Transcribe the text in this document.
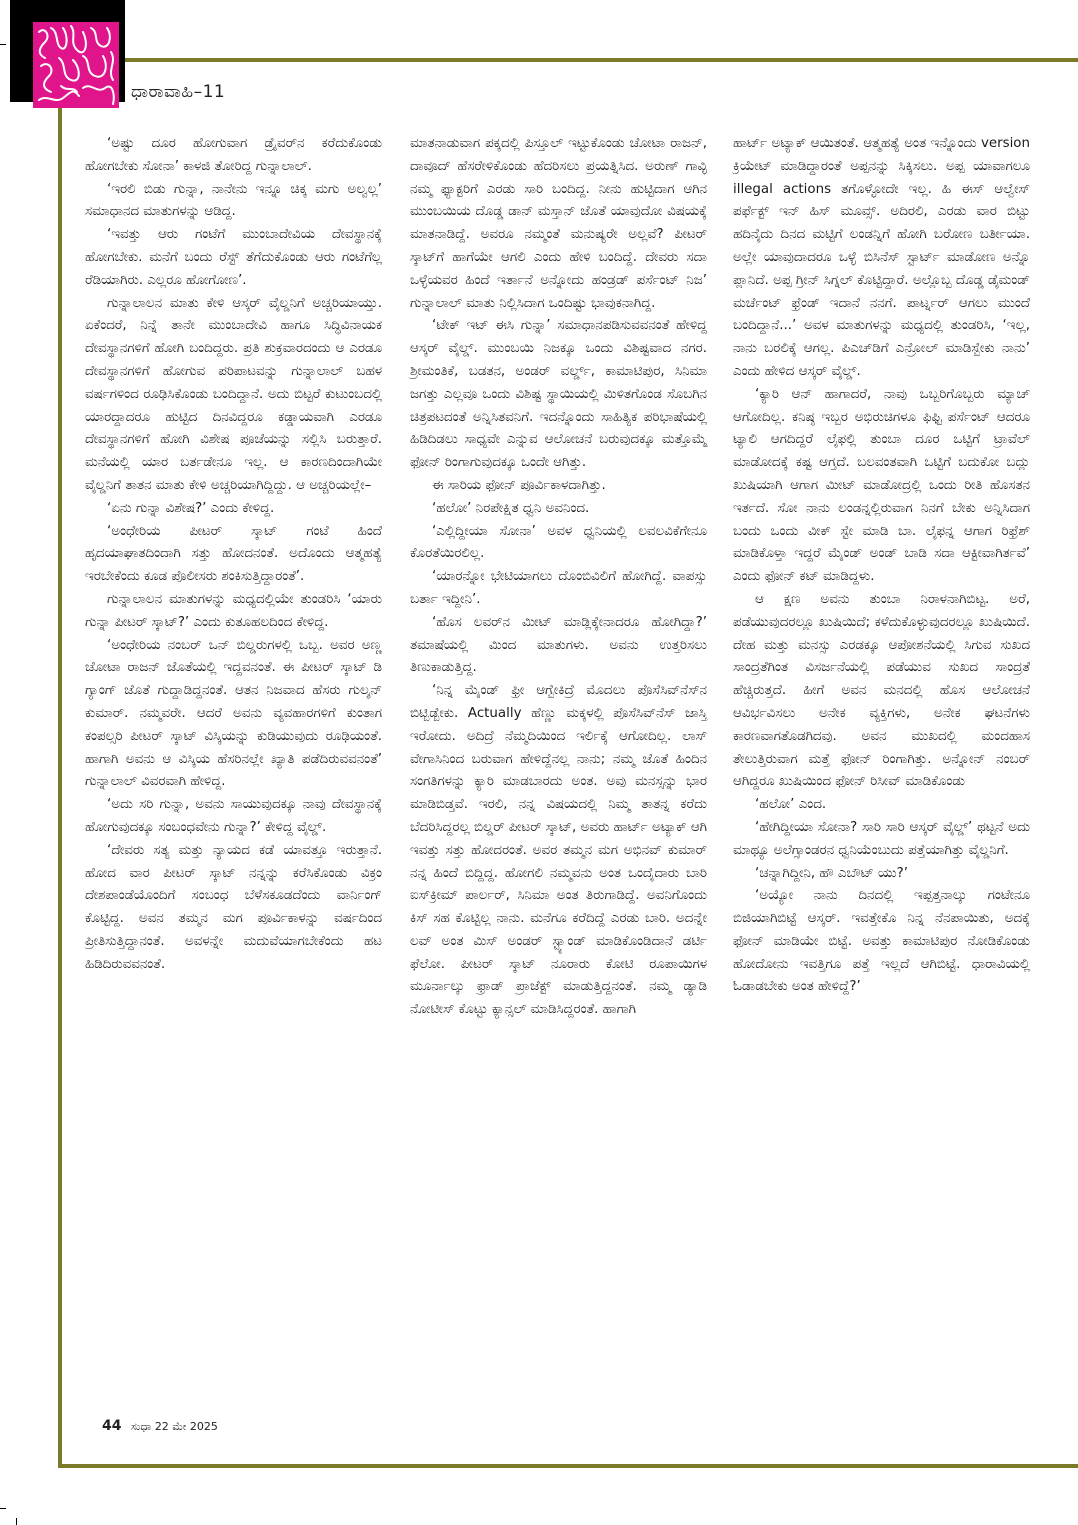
ಧಾರಾವಾಹಿ–11

‘ಅಷ್ಟು ದೂರ ಹೋಗುವಾಗ ಡ್ರೈವರ್‌ನ ಕರೆದುಕೊಂಡು ಹೋಗಬೇಕು ಸೋನಾ’ ಕಾಳಜಿ ತೋರಿದ್ದ ಗುನ್ನಾಲಾಲ್.

‘ಇರಲಿ ಬಿಡು ಗುನ್ನಾ, ನಾನೇನು ಇನ್ನೂ ಚಿಕ್ಕ ಮಗು ಅಲ್ವಲ್ಲ’ ಸಮಾಧಾನದ ಮಾತುಗಳನ್ನು ಆಡಿದ್ದ.

‘ಇವತ್ತು ಆರು ಗಂಟೆಗೆ ಮುಂಬಾದೇವಿಯ ದೇವಸ್ಥಾನಕ್ಕೆ ಹೋಗಬೇಕು. ಮನೆಗೆ ಬಂದು ರೆಸ್ಟ್ ತೆಗೆದುಕೊಂಡು ಆರು ಗಂಟೆಗೆಲ್ಲ ರೆಡಿಯಾಗಿರು. ಎಲ್ಲರೂ ಹೋಗೋಣ’.

ಗುನ್ನಾಲಾಲನ ಮಾತು ಕೇಳಿ ಆಸ್ಕರ್ ವೈಲ್ಡನಿಗೆ ಅಚ್ಚರಿಯಾಯ್ತು. ಏಕೆಂದರೆ, ನಿನ್ನೆ ತಾನೇ ಮುಂಬಾದೇವಿ ಹಾಗೂ ಸಿದ್ಧಿವಿನಾಯಕ ದೇವಸ್ಥಾನಗಳಿಗೆ ಹೋಗಿ ಬಂದಿದ್ದರು. ಪ್ರತಿ ಶುಕ್ರವಾರದಂದು ಆ ಎರಡೂ ದೇವಸ್ಥಾನಗಳಿಗೆ ಹೋಗುವ ಪರಿಪಾಟವನ್ನು ಗುನ್ನಾಲಾಲ್ ಬಹಳ ವರ್ಷಗಳಿಂದ ರೂಢಿಸಿಕೊಂಡು ಬಂದಿದ್ದಾನೆ. ಅದು ಬಿಟ್ಟರೆ ಕುಟುಂಬದಲ್ಲಿ ಯಾರದ್ದಾದರೂ ಹುಟ್ಟಿದ ದಿನವಿದ್ದರೂ ಕಡ್ಡಾಯವಾಗಿ ಎರಡೂ ದೇವಸ್ಥಾನಗಳಿಗೆ ಹೋಗಿ ವಿಶೇಷ ಪೂಜೆಯನ್ನು ಸಲ್ಲಿಸಿ ಬರುತ್ತಾರೆ. ಮನೆಯಲ್ಲಿ ಯಾರ ಬರ್ತಡೇನೂ ಇಲ್ಲ. ಆ ಕಾರಣದಿಂದಾಗಿಯೇ ವೈಲ್ಡನಿಗೆ ತಾತನ ಮಾತು ಕೇಳಿ ಅಚ್ಚರಿಯಾಗಿದ್ದಿದ್ದು. ಆ ಅಚ್ಚರಿಯಲ್ಲೇ–

‘ಏನು ಗುನ್ನಾ ವಿಶೇಷ?’ ಎಂದು ಕೇಳಿದ್ದ.

‘ಅಂಧೇರಿಯ ಪೀಟರ್ ಸ್ಕಾಟ್ ಗಂಟೆ ಹಿಂದೆ ಹೃದಯಾಘಾತದಿಂದಾಗಿ ಸತ್ತು ಹೋದನಂತೆ. ಅದೊಂದು ಆತ್ಮಹತ್ಯೆ ಇರಬೇಕೆಂದು ಕೂಡ ಪೊಲೀಸರು ಶಂಕಿಸುತ್ತಿದ್ದಾರಂತೆ’.

ಗುನ್ನಾಲಾಲನ ಮಾತುಗಳನ್ನು ಮಧ್ಯದಲ್ಲಿಯೇ ತುಂಡರಿಸಿ ‘ಯಾರು ಗುನ್ನಾ ಪೀಟರ್ ಸ್ಕಾಟ್?’ ಎಂದು ಕುತೂಹಲದಿಂದ ಕೇಳಿದ್ದ.

‘ಅಂಧೇರಿಯ ನಂಬರ್ ಒನ್ ಬಿಲ್ಡರುಗಳಲ್ಲಿ ಒಬ್ಬ. ಅವರ ಅಣ್ಣ ಚೋಟಾ ರಾಜನ್ ಜೊತೆಯಲ್ಲಿ ಇದ್ದವನಂತೆ. ಈ ಪೀಟರ್ ಸ್ಕಾಟ್ ಡಿ ಗ್ಯಾಂಗ್ ಜೊತೆ ಗುದ್ದಾಡಿದ್ದನಂತೆ. ಆತನ ನಿಜವಾದ ಹೆಸರು ಗುಲ್ಶನ್ ಕುಮಾರ್. ನಮ್ಮವರೇ. ಆದರೆ ಅವನು ವ್ಯವಹಾರಗಳಿಗೆ ಕುಂತಾಗ ಕಂಪಲ್ಸರಿ ಪೀಟರ್ ಸ್ಕಾಟ್ ವಿಸ್ಕಿಯನ್ನು ಕುಡಿಯುವುದು ರೂಢಿಯಂತೆ. ಹಾಗಾಗಿ ಅವನು ಆ ವಿಸ್ಕಿಯ ಹೆಸರಿನಲ್ಲೇ ಖ್ಯಾತಿ ಪಡೆದಿರುವವನಂತೆ’ ಗುನ್ನಾಲಾಲ್ ವಿವರವಾಗಿ ಹೇಳಿದ್ದ.

‘ಅದು ಸರಿ ಗುನ್ನಾ, ಅವನು ಸಾಯುವುದಕ್ಕೂ ನಾವು ದೇವಸ್ಥಾನಕ್ಕೆ ಹೋಗುವುದಕ್ಕೂ ಸಂಬಂಧವೇನು ಗುನ್ನಾ?’ ಕೇಳಿದ್ದ ವೈಲ್ಡ್.

‘ದೇವರು ಸತ್ಯ ಮತ್ತು ನ್ಯಾಯದ ಕಡೆ ಯಾವತ್ತೂ ಇರುತ್ತಾನೆ. ಹೋದ ವಾರ ಪೀಟರ್ ಸ್ಕಾಟ್ ನನ್ನನ್ನು ಕರೆಸಿಕೊಂಡು ವಿಕ್ರಂ ದೇಶಪಾಂಡೆಯೊಂದಿಗೆ ಸಂಬಂಧ ಬೆಳೆಸಕೂಡದೆಂದು ವಾರ್ನಿಂಗ್ ಕೊಟ್ಟಿದ್ದ. ಅವನ ತಮ್ಮನ ಮಗ ಪೂರ್ವಿಕಾಳನ್ನು ವರ್ಷದಿಂದ ಪ್ರೀತಿಸುತ್ತಿದ್ದಾನಂತೆ. ಅವಳನ್ನೇ ಮದುವೆಯಾಗಬೇಕೆಂದು ಹಟ ಹಿಡಿದಿರುವವನಂತೆ.

ಮಾತನಾಡುವಾಗ ಪಕ್ಕದಲ್ಲಿ ಪಿಸ್ತೂಲ್ ಇಟ್ಟುಕೊಂಡು ಚೋಟಾ ರಾಜನ್, ದಾವೂದ್ ಹೆಸರೇಳಿಕೊಂಡು ಹೆದರಿಸಲು ಪ್ರಯತ್ನಿಸಿದ. ಅರುಣ್ ಗಾವ್ಳಿ ನಮ್ಮ ಫ್ಯಾಕ್ಟರಿಗೆ ಎರಡು ಸಾರಿ ಬಂದಿದ್ದ. ನೀನು ಹುಟ್ಟಿದಾಗ ಆಗಿನ ಮುಂಬಯಿಯ ದೊಡ್ಡ ಡಾನ್ ಮಸ್ತಾನ್ ಜೊತೆ ಯಾವುದೋ ವಿಷಯಕ್ಕೆ ಮಾತನಾಡಿದ್ದೆ. ಅವರೂ ನಮ್ಮಂತೆ ಮನುಷ್ಯರೇ ಅಲ್ಲವೆ? ಪೀಟರ್ ಸ್ಕಾಟ್‌ಗೆ ಹಾಗೆಯೇ ಆಗಲಿ ಎಂದು ಹೇಳಿ ಬಂದಿದ್ದೆ. ದೇವರು ಸದಾ ಒಳ್ಳೆಯವರ ಹಿಂದೆ ಇರ್ತಾನೆ ಅನ್ನೋದು ಹಂಡ್ರಡ್ ಪರ್ಸೆಂಟ್ ನಿಜ’ ಗುನ್ನಾಲಾಲ್ ಮಾತು ನಿಲ್ಲಿಸಿದಾಗ ಒಂದಿಷ್ಟು ಭಾವುಕನಾಗಿದ್ದ.

‘ಟೇಕ್ ಇಟ್ ಈಸಿ ಗುನ್ನಾ’ ಸಮಾಧಾನಪಡಿಸುವವನಂತೆ ಹೇಳಿದ್ದ ಆಸ್ಕರ್ ವೈಲ್ಡ್. ಮುಂಬಯಿ ನಿಜಕ್ಕೂ ಒಂದು ವಿಶಿಷ್ಟವಾದ ನಗರ. ಶ್ರೀಮಂತಿಕೆ, ಬಡತನ, ಅಂಡರ್ ವರ್ಲ್ಡ್, ಕಾಮಾಟಿಪುರ, ಸಿನಿಮಾ ಜಗತ್ತು ಎಲ್ಲವೂ ಒಂದು ವಿಶಿಷ್ಟ ಸ್ಥಾಯಿಯಲ್ಲಿ ಮಿಳಿತಗೊಂಡ ಸೊಬಗಿನ ಚಿತ್ರಪಟದಂತೆ ಅನ್ನಿಸಿತವನಿಗೆ. ಇದನ್ನೊಂದು ಸಾಹಿತ್ಯಿಕ ಪರಿಭಾಷೆಯಲ್ಲಿ ಹಿಡಿದಿಡಲು ಸಾಧ್ಯವೇ ಎನ್ನುವ ಆಲೋಚನೆ ಬರುವುದಕ್ಕೂ ಮತ್ತೊಮ್ಮೆ ಫೋನ್ ರಿಂಗಾಗುವುದಕ್ಕೂ ಒಂದೇ ಆಗಿತ್ತು.

ಈ ಸಾರಿಯ ಫೋನ್ ಪೂರ್ವಿಕಾಳದಾಗಿತ್ತು.

‘ಹಲೋ’ ನಿರಪೇಕ್ಷಿತ ಧ್ವನಿ ಅವನಿಂದ.

‘ಎಲ್ಲಿದ್ದೀಯಾ ಸೋನಾ’ ಅವಳ ಧ್ವನಿಯಲ್ಲಿ ಲವಲವಿಕೆಗೇನೂ ಕೊರತೆಯಿರಲಿಲ್ಲ.

‘ಯಾರನ್ನೋ ಭೇಟಿಯಾಗಲು ದೊಂಬಿವಿಲಿಗೆ ಹೋಗಿದ್ದೆ. ವಾಪಸ್ಸು ಬರ್ತಾ ಇದ್ದೀನಿ’.

‘ಹೊಸ ಲವರ್‌ನ ಮೀಟ್ ಮಾಡ್ಲಿಕ್ಕೇನಾದರೂ ಹೋಗಿದ್ದಾ?’ ತಮಾಷೆಯಲ್ಲಿ ಮಿಂದ ಮಾತುಗಳು. ಅವನು ಉತ್ತರಿಸಲು ತಿಣುಕಾಡುತ್ತಿದ್ದ.

‘ನಿನ್ನ ಮೈಂಡ್ ಫ್ರೀ ಆಗ್ಬೇಕಿದ್ರೆ ಮೊದಲು ಪೊಸೆಸಿವ್‌ನೆಸ್‌ನ ಬಿಟ್ಬಿಡ್ಬೇಕು. Actually ಹೆಣ್ಣು ಮಕ್ಕಳಲ್ಲಿ ಪೊಸೆಸಿವ್‌ನೆಸ್ ಜಾಸ್ತಿ ಇರೋದು. ಅದಿದ್ರೆ ನೆಮ್ಮದಿಯಿಂದ ಇರ್ಲಿಕ್ಕೆ ಆಗೋದಿಲ್ಲ. ಲಾಸ್ ವೇಗಾಸಿನಿಂದ ಬರುವಾಗ ಹೇಳಿದ್ದೆನಲ್ಲ ನಾನು; ನಮ್ಮ ಜೊತೆ ಹಿಂದಿನ ಸಂಗತಿಗಳನ್ನು ಕ್ಯಾರಿ ಮಾಡಬಾರದು ಅಂತ. ಅವು ಮನಸ್ಸನ್ನು ಭಾರ ಮಾಡಿಬಿಡ್ತವೆ. ಇರಲಿ, ನನ್ನ ವಿಷಯದಲ್ಲಿ ನಿಮ್ಮ ತಾತನ್ನ ಕರೆದು ಬೆದರಿಸಿದ್ದರಲ್ಲ ಬಿಲ್ಡರ್ ಪೀಟರ್ ಸ್ಕಾಟ್, ಅವರು ಹಾರ್ಟ್ ಅಟ್ಯಾಕ್ ಆಗಿ ಇವತ್ತು ಸತ್ತು ಹೋದರಂತೆ. ಅವರ ತಮ್ಮನ ಮಗ ಅಭಿನವ್ ಕುಮಾರ್ ನನ್ನ ಹಿಂದೆ ಬಿದ್ದಿದ್ದ. ಹೋಗಲಿ ನಮ್ಮವನು ಅಂತ ಒಂದೈದಾರು ಬಾರಿ ಐಸ್‌ಕ್ರೀಮ್ ಪಾರ್ಲರ್, ಸಿನಿಮಾ ಅಂತ ತಿರುಗಾಡಿದ್ದೆ. ಅವನಿಗೊಂದು ಕಿಸ್ ಸಹ ಕೊಟ್ಟಿಲ್ಲ ನಾನು. ಮನೆಗೂ ಕರೆದಿದ್ದೆ ಎರಡು ಬಾರಿ. ಅದನ್ನೇ ಲವ್ ಅಂತ ಮಿಸ್ ಅಂಡರ್ ಸ್ಟ್ಯಾಂಡ್ ಮಾಡಿಕೊಂಡಿದಾನೆ ಡರ್ಟಿ ಫೆಲೋ. ಪೀಟರ್ ಸ್ಕಾಟ್ ನೂರಾರು ಕೋಟಿ ರೂಪಾಯಿಗಳ ಮೂರ್ನಾಲ್ಕು ಫ್ರಾಡ್ ಪ್ರಾಜೆಕ್ಟ್ ಮಾಡುತ್ತಿದ್ದನಂತೆ. ನಮ್ಮ ಡ್ಯಾಡಿ ನೋಟೀಸ್ ಕೊಟ್ಟು ಕ್ಯಾನ್ಸಲ್ ಮಾಡಿಸಿದ್ದರಂತೆ. ಹಾಗಾಗಿ

ಹಾರ್ಟ್ ಅಟ್ಯಾಕ್ ಆಯಿತಂತೆ. ಆತ್ಮಹತ್ಯೆ ಅಂತ ಇನ್ನೊಂದು version ಕ್ರಿಯೇಟ್ ಮಾಡಿದ್ದಾರಂತೆ ಅಪ್ಪನನ್ನು ಸಿಕ್ಕಿಸಲು. ಅಪ್ಪ ಯಾವಾಗಲೂ illegal actions ತಗೊಳ್ಳೋದೇ ಇಲ್ಲ. ಹಿ ಈಸ್ ಆಲ್ವೇಸ್ ಪರ್ಫೆಕ್ಟ್ ಇನ್ ಹಿಸ್ ಮೂವ್ಸ್. ಅದಿರಲಿ, ಎರಡು ವಾರ ಬಿಟ್ಟು ಹದಿನೈದು ದಿನದ ಮಟ್ಟಿಗೆ ಲಂಡನ್ನಿಗೆ ಹೋಗಿ ಬರೋಣ ಬರ್ತೀಯಾ. ಅಲ್ಲೇ ಯಾವುದಾದರೂ ಒಳ್ಳೆ ಬಿಸಿನೆಸ್ ಸ್ಟಾರ್ಟ್ ಮಾಡೋಣ ಅನ್ನೊ ಪ್ಲಾನಿದೆ. ಅಪ್ಪ ಗ್ರೀನ್ ಸಿಗ್ನಲ್ ಕೊಟ್ಟಿದ್ದಾರೆ. ಅಲ್ಲೊಬ್ಬ ದೊಡ್ಡ ಡೈಮಂಡ್ ಮರ್ಚೆಂಟ್ ಫ್ರೆಂಡ್ ಇದಾನೆ ನನಗೆ. ಪಾರ್ಟ್ನರ್ ಆಗಲು ಮುಂದೆ ಬಂದಿದ್ದಾನೆ...’ ಅವಳ ಮಾತುಗಳನ್ನು ಮಧ್ಯದಲ್ಲಿ ತುಂಡರಿಸಿ, ‘ಇಲ್ಲ, ನಾನು ಬರಲಿಕ್ಕೆ ಆಗಲ್ಲ. ಪಿಎಚ್‌ಡಿಗೆ ಎನ್ರೋಲ್ ಮಾಡಿಸ್ಬೇಕು ನಾನು’ ಎಂದು ಹೇಳಿದ ಆಸ್ಕರ್ ವೈಲ್ಡ್.

‘ಕ್ಯಾರಿ ಆನ್ ಹಾಗಾದರೆ, ನಾವು ಒಬ್ಬರಿಗೊಬ್ಬರು ಮ್ಯಾಚ್ ಆಗೋದಿಲ್ಲ. ಕನಿಷ್ಠ ಇಬ್ಬರ ಅಭಿರುಚಿಗಳೂ ಫಿಫ್ಟಿ ಪರ್ಸೆಂಟ್ ಆದರೂ ಟ್ಯಾಲಿ ಆಗದಿದ್ದರೆ ಲೈಫಲ್ಲಿ ತುಂಬಾ ದೂರ ಒಟ್ಟಿಗೆ ಟ್ರಾವೆಲ್ ಮಾಡೋದಕ್ಕೆ ಕಷ್ಟ ಆಗ್ತದೆ. ಬಲವಂತವಾಗಿ ಒಟ್ಟಿಗೆ ಬದುಕೋ ಬದ್ಲು ಖುಷಿಯಾಗಿ ಆಗಾಗ ಮೀಟ್ ಮಾಡೋದ್ರಲ್ಲಿ ಒಂದು ರೀತಿ ಹೊಸತನ ಇರ್ತದೆ. ಸೋ ನಾನು ಲಂಡನ್ನಲ್ಲಿರುವಾಗ ನಿನಗೆ ಬೇಕು ಅನ್ನಿಸಿದಾಗ ಬಂದು ಒಂದು ವೀಕ್ ಸ್ಟೇ ಮಾಡಿ ಬಾ. ಲೈಫನ್ನ ಆಗಾಗ ರಿಫ್ರೆಶ್ ಮಾಡಿಕೊಳ್ತಾ ಇದ್ದರೆ ಮೈಂಡ್ ಅಂಡ್ ಬಾಡಿ ಸದಾ ಆಕ್ಟೀವಾಗಿರ್ತವೆ’ ಎಂದು ಫೋನ್ ಕಟ್ ಮಾಡಿದ್ದಳು.

ಆ ಕ್ಷಣ ಅವನು ತುಂಬಾ ನಿರಾಳನಾಗಿಬಿಟ್ಟ. ಅರೆ, ಪಡೆಯುವುದರಲ್ಲೂ ಖುಷಿಯಿದೆ; ಕಳೆದುಕೊಳ್ಳುವುದರಲ್ಲೂ ಖುಷಿಯಿದೆ. ದೇಹ ಮತ್ತು ಮನಸ್ಸು ಎರಡಕ್ಕೂ ಆಪೋಶನೆಯಲ್ಲಿ ಸಿಗುವ ಸುಖದ ಸಾಂದ್ರತೆಗಿಂತ ವಿಸರ್ಜನೆಯಲ್ಲಿ ಪಡೆಯುವ ಸುಖದ ಸಾಂದ್ರತೆ ಹೆಚ್ಚಿರುತ್ತದೆ. ಹೀಗೆ ಅವನ ಮನದಲ್ಲಿ ಹೊಸ ಆಲೋಚನೆ ಆವಿರ್ಭವಿಸಲು ಅನೇಕ ವ್ಯಕ್ತಿಗಳು, ಅನೇಕ ಘಟನೆಗಳು ಕಾರಣವಾಗತೊಡಗಿದವು. ಅವನ ಮುಖದಲ್ಲಿ ಮಂದಹಾಸ ತೇಲುತ್ತಿರುವಾಗ ಮತ್ತೆ ಫೋನ್ ರಿಂಗಾಗಿತ್ತು. ಅನ್ನೋನ್ ನಂಬರ್ ಆಗಿದ್ದರೂ ಖುಷಿಯಿಂದ ಫೋನ್ ರಿಸೀವ್ ಮಾಡಿಕೊಂಡು

‘ಹಲೋ’ ಎಂದ.

‘ಹೇಗಿದ್ದೀಯಾ ಸೋನಾ? ಸಾರಿ ಸಾರಿ ಆಸ್ಕರ್ ವೈಲ್ಡ್’ ಥಟ್ಟನೆ ಅದು ಮಾಥ್ಯೂ ಅಲೆಗ್ಸಾಂಡರನ ಧ್ವನಿಯೆಂಬುದು ಪತ್ತೆಯಾಗಿತ್ತು ವೈಲ್ಡನಿಗೆ.

‘ಚನ್ನಾಗಿದ್ದೀನಿ, ಹೌ ಎಬೌಟ್ ಯು?’

‘ಅಯ್ಯೋ ನಾನು ದಿನದಲ್ಲಿ ಇಪ್ಪತ್ತನಾಲ್ಕು ಗಂಟೇನೂ ಬಿಜಿಯಾಗಿಬಿಟ್ಟೆ ಆಸ್ಕರ್. ಇವತ್ತೇಕೊ ನಿನ್ನ ನೆನಪಾಯಿತು, ಅದಕ್ಕೆ ಫೋನ್ ಮಾಡಿಯೇ ಬಿಟ್ಟೆ. ಅವತ್ತು ಕಾಮಾಟಿಪುರ ನೋಡಿಕೊಂಡು ಹೋದೋನು ಇವತ್ತಿಗೂ ಪತ್ತೆ ಇಲ್ಲದೆ ಆಗಿಬಿಟ್ಟೆ. ಧಾರಾವಿಯಲ್ಲಿ ಓಡಾಡಬೇಕು ಅಂತ ಹೇಳಿದ್ದೆ?’

44 ಸುಧಾ 22 ಮೇ 2025
